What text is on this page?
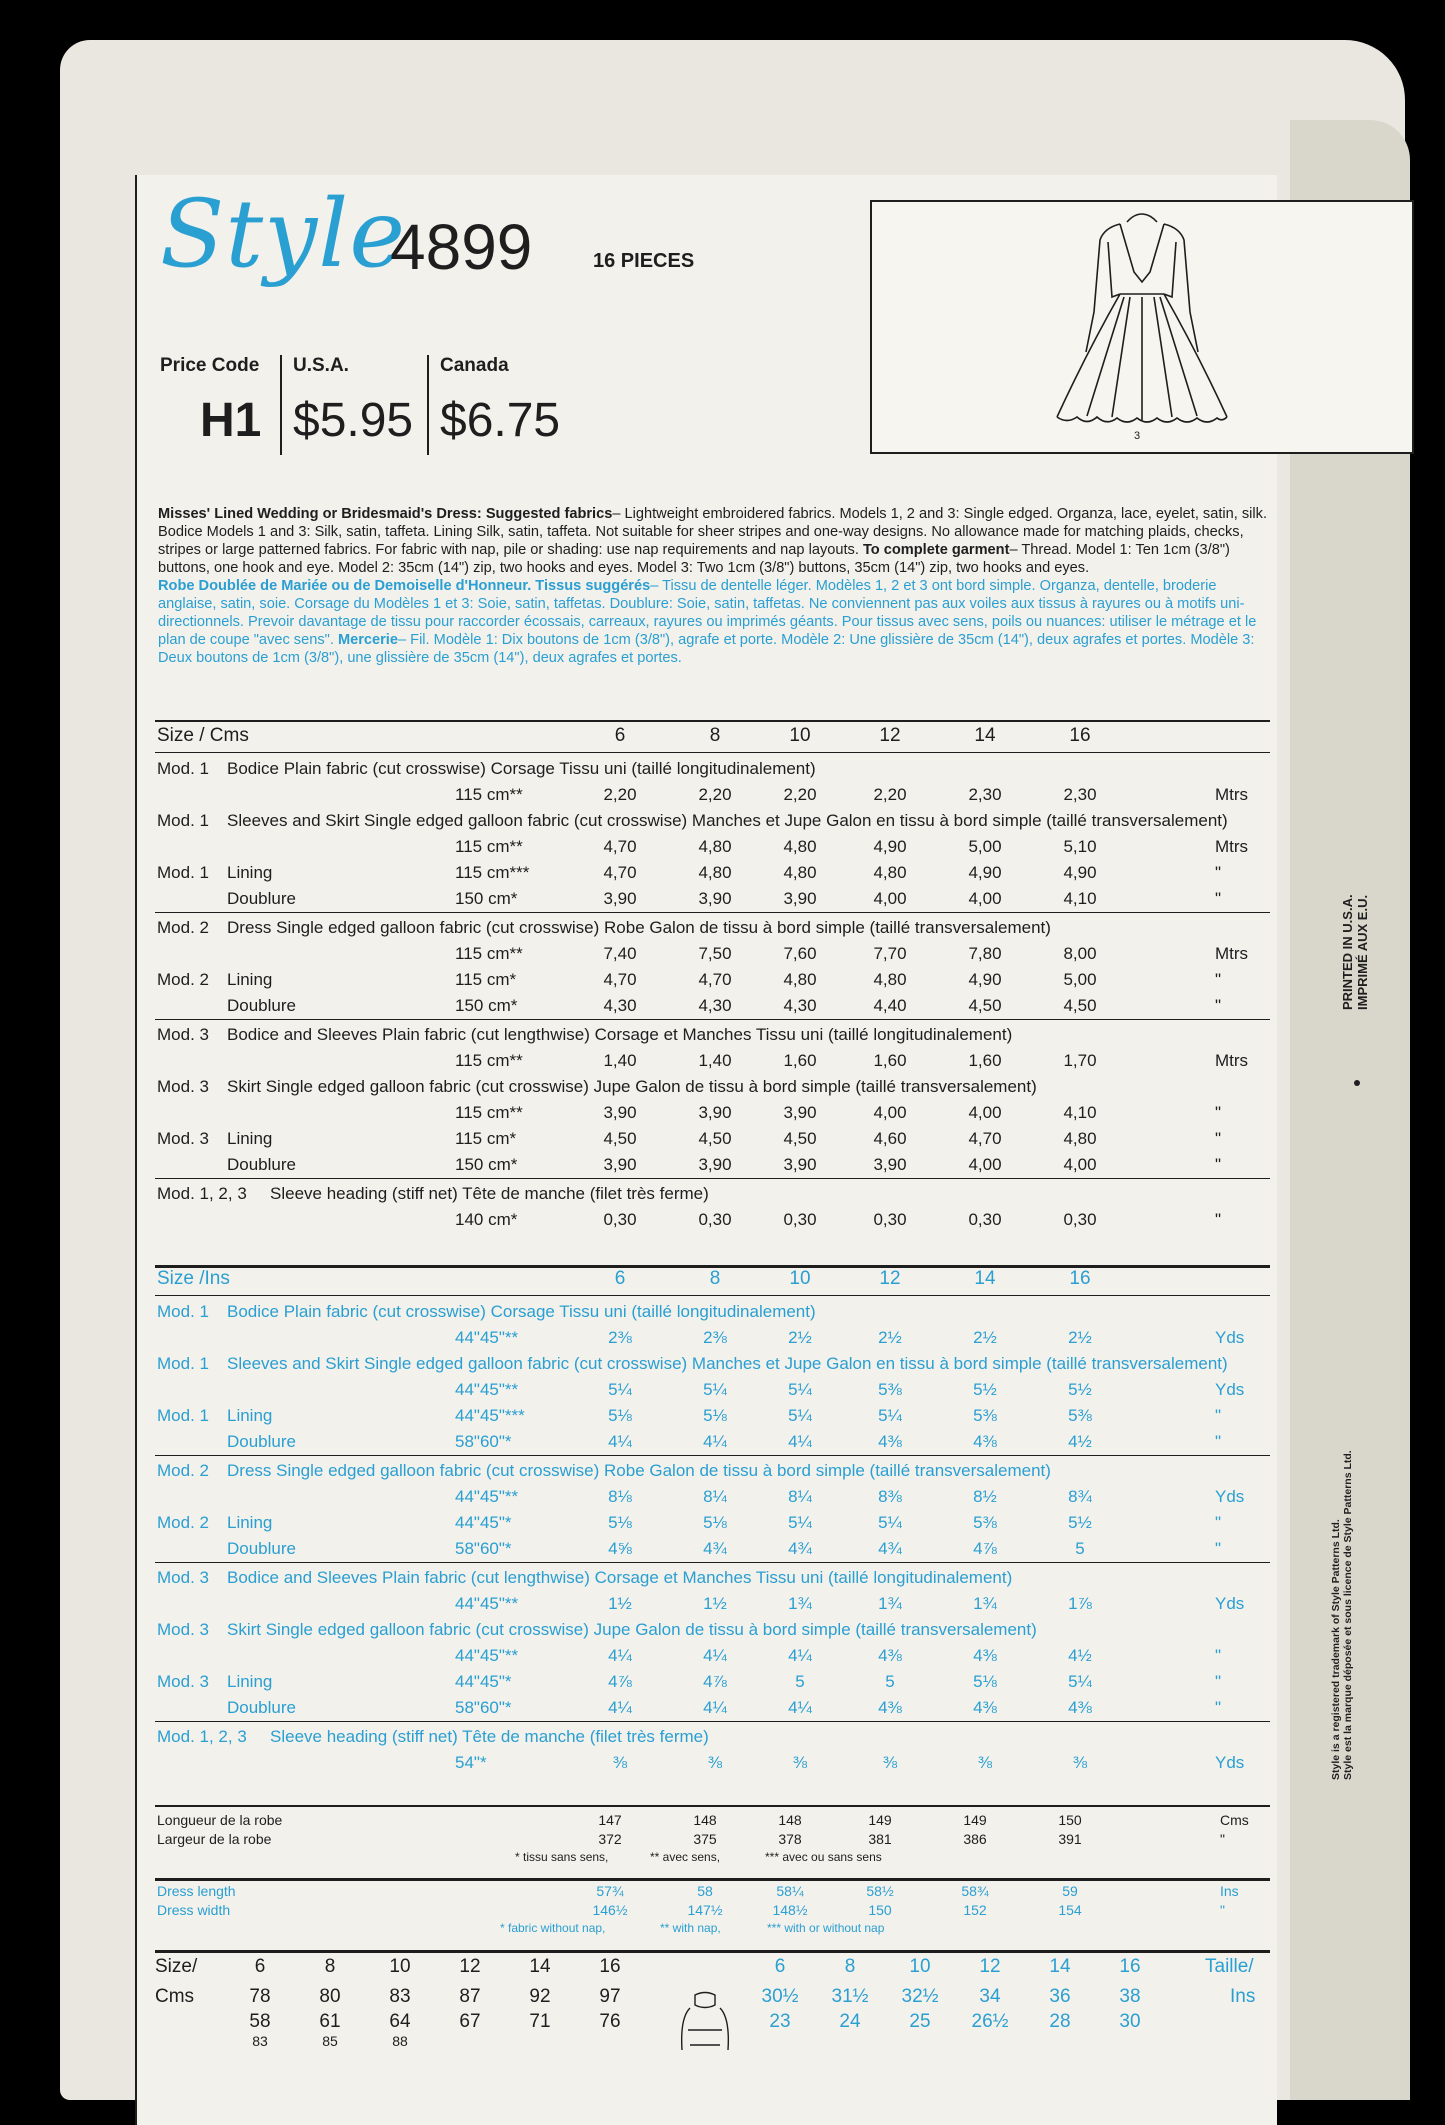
Style
4899	16 PIECES
Price Code
H1
U.S.A.
$5.95
Canada
$6.75	3
Misses' Lined Wedding or Bridesmaid's Dress: Suggested fabrics– Lightweight embroidered fabrics. Models 1, 2 and 3: Single edged. Organza, lace, eyelet, satin, silk. Bodice Models 1 and 3: Silk, satin, taffeta. Lining Silk, satin, taffeta. Not suitable for sheer stripes and one-way designs. No allowance made for matching plaids, checks, stripes or large patterned fabrics. For fabric with nap, pile or shading: use nap requirements and nap layouts. To complete garment– Thread. Model 1: Ten 1cm (3/8") buttons, one hook and eye. Model 2: 35cm (14") zip, two hooks and eyes. Model 3: Two 1cm (3/8") buttons, 35cm (14") zip, two hooks and eyes.
Robe Doublée de Mariée ou de Demoiselle d'Honneur. Tissus suggérés– Tissu de dentelle léger. Modèles 1, 2 et 3 ont bord simple. Organza, dentelle, broderie anglaise, satin, soie. Corsage du Modèles 1 et 3: Soie, satin, taffetas. Doublure: Soie, satin, taffetas. Ne conviennent pas aux voiles aux tissus à rayures ou à motifs uni-directionnels. Prevoir davantage de tissu pour raccorder écossais, carreaux, rayures ou imprimés géants. Pour tissus avec sens, poils ou nuances: utiliser le métrage et le plan de coupe "avec sens". Mercerie– Fil. Modèle 1: Dix boutons de 1cm (3/8"), agrafe et porte. Modèle 2: Une glissière de 35cm (14"), deux agrafes et portes. Modèle 3: Deux boutons de 1cm (3/8"), une glissière de 35cm (14"), deux agrafes et portes.
Size / Cms	6	8	10	12	14	16
Mod. 1 Bodice Plain fabric (cut crosswise) Corsage Tissu uni (taillé longitudinalement)
115 cm**	2,20	2,20	2,20	2,20	2,30	2,30	Mtrs
Mod. 1 Sleeves and Skirt Single edged galloon fabric (cut crosswise) Manches et Jupe Galon en tissu à bord simple (taillé transversalement)
115 cm**	4,70	4,80	4,80	4,90	5,00	5,10	Mtrs
Mod. 1 Lining	115 cm***	4,70	4,80	4,80	4,80	4,90	4,90	"
Doublure	150 cm*	3,90	3,90	3,90	4,00	4,00	4,10	"
Mod. 2 Dress Single edged galloon fabric (cut crosswise) Robe Galon de tissu à bord simple (taillé transversalement)
115 cm**	7,40	7,50	7,60	7,70	7,80	8,00	Mtrs
Mod. 2 Lining	115 cm*	4,70	4,70	4,80	4,80	4,90	5,00	"
Doublure	150 cm*	4,30	4,30	4,30	4,40	4,50	4,50	"
Mod. 3 Bodice and Sleeves Plain fabric (cut lengthwise) Corsage et Manches Tissu uni (taillé longitudinalement)
115 cm**	1,40	1,40	1,60	1,60	1,60	1,70	Mtrs
Mod. 3 Skirt Single edged galloon fabric (cut crosswise) Jupe Galon de tissu à bord simple (taillé transversalement)
115 cm**	3,90	3,90	3,90	4,00	4,00	4,10	"
Mod. 3 Lining	115 cm*	4,50	4,50	4,50	4,60	4,70	4,80	"
Doublure	150 cm*	3,90	3,90	3,90	3,90	4,00	4,00	"
Mod. 1, 2, 3 Sleeve heading (stiff net) Tête de manche (filet très ferme)
140 cm*	0,30	0,30	0,30	0,30	0,30	0,30	"
Size /Ins	6	8	10	12	14	16
Mod. 1 Bodice Plain fabric (cut crosswise) Corsage Tissu uni (taillé longitudinalement)
44"45"**	2⅜	2⅜	2½	2½	2½	2½	Yds
Mod. 1 Sleeves and Skirt Single edged galloon fabric (cut crosswise) Manches et Jupe Galon en tissu à bord simple (taillé transversalement)
44"45"**	5¼	5¼	5¼	5⅜	5½	5½	Yds
Mod. 1 Lining	44"45"***	5⅛	5⅛	5¼	5¼	5⅜	5⅜	"
Doublure	58"60"*	4¼	4¼	4¼	4⅜	4⅜	4½	"
Mod. 2 Dress Single edged galloon fabric (cut crosswise) Robe Galon de tissu à bord simple (taillé transversalement)
44"45"**	8⅛	8¼	8¼	8⅜	8½	8¾	Yds
Mod. 2 Lining	44"45"*	5⅛	5⅛	5¼	5¼	5⅜	5½	"
Doublure	58"60"*	4⅝	4¾	4¾	4¾	4⅞	5	"
Mod. 3 Bodice and Sleeves Plain fabric (cut lengthwise) Corsage et Manches Tissu uni (taillé longitudinalement)
44"45"**	1½	1½	1¾	1¾	1¾	1⅞	Yds
Mod. 3 Skirt Single edged galloon fabric (cut crosswise) Jupe Galon de tissu à bord simple (taillé transversalement)
44"45"**	4¼	4¼	4¼	4⅜	4⅜	4½	"
Mod. 3 Lining	44"45"*	4⅞	4⅞	5	5	5⅛	5¼	"
Doublure	58"60"*	4¼	4¼	4¼	4⅜	4⅜	4⅜	"
Mod. 1, 2, 3 Sleeve heading (stiff net) Tête de manche (filet très ferme)
54"*	⅜	⅜	⅜	⅜	⅜	⅜	Yds
Longueur de la robe	147	148	148	149	149	150	Cms
Largeur de la robe	372	375	378	381	386	391	"
* tissu sans sens,	** avec sens,	*** avec ou sans sens
Dress length	57¾	58	58¼	58½	58¾	59	Ins
Dress width	146½	147½	148½	150	152	154	"
* fabric without nap,	** with nap,	*** with or without nap
Size/	6	8	10	12	14	16	6	8	10	12	14	16	Taille/
Cms	78	80	83	87	92	97	30½	31½	32½	34	36	38	Ins
58	61	64	67	71	76	23	24	25	26½	28	30
83	85	88
PRINTED IN U.S.A.
IMPRIMÉ AUX E.U.
Style is a registered trademark of Style Patterns Ltd.
Style est la marque déposée et sous licence de Style Patterns Ltd.
